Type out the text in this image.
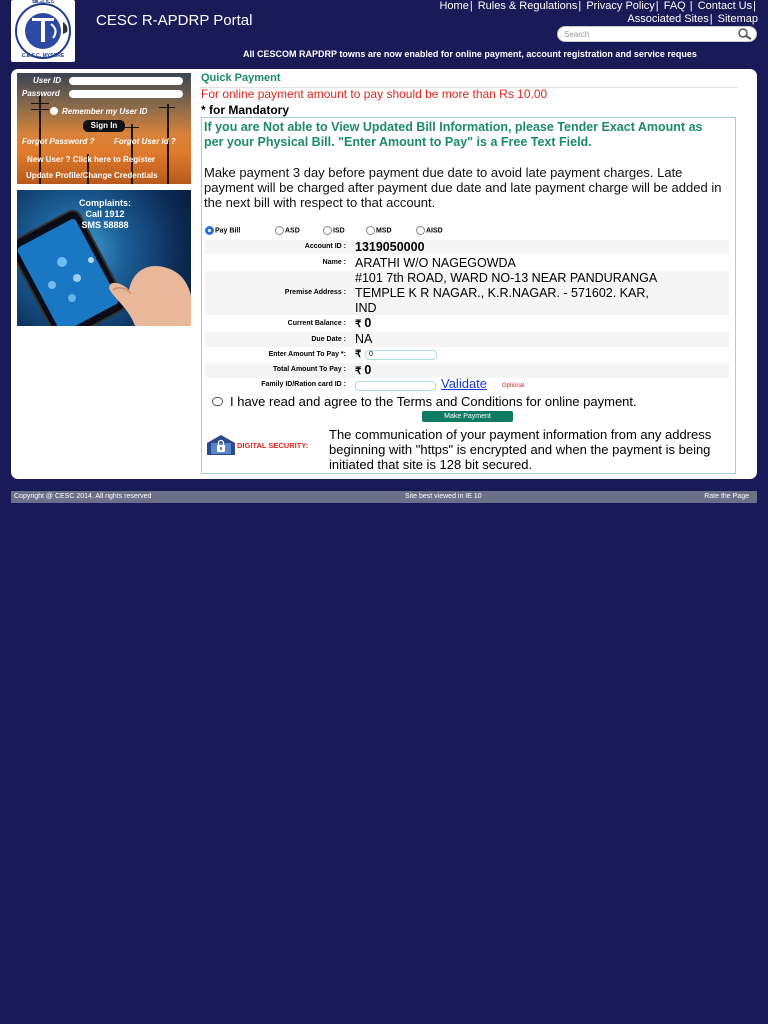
ಚಾ.ವಿ.ಸ.ನಿ
C.E.S.C. MYSORE
CESC R-APDRP Portal
Home| Rules & Regulations| Privacy Policy| FAQ | Contact Us|
Associated Sites| Sitemap
Search
All CESCOM RAPDRP towns are now enabled for online payment, account registration and service reques
User ID
Password
Remember my User ID
Sign In
Forgot Password ? Forgot User Id ?
New User ? Click here to Register
Update Profile/Change Credentials
Complaints:
Call 1912
SMS 58888
Quick Payment
For online payment amount to pay should be more than Rs 10.00
* for Mandatory
If you are Not able to View Updated Bill Information, please Tender Exact Amount as per your Physical Bill. "Enter Amount to Pay" is a Free Text Field.
Make payment 3 day before payment due date to avoid late payment charges. Late payment will be charged after payment due date and late payment charge will be added in the next bill with respect to that account.
Pay Bill	ASD	ISD	MSD	AISD
Account ID : 1319050000
Name : ARATHI W/O NAGEGOWDA
Premise Address :
#101 7th ROAD, WARD NO-13 NEAR PANDURANGA
TEMPLE K R NAGAR., K.R.NAGAR. - 571602. KAR,
IND
Current Balance : ₹ 0
Due Date : NA
Enter Amount To Pay *: ₹
0
Total Amount To Pay : ₹ 0
Family ID/Ration card ID :	Validate Optional
I have read and agree to the Terms and Conditions for online payment.
Make Payment
DIGITAL SECURITY:
The communication of your payment information from any address beginning with "https" is encrypted and when the payment is being initiated that site is 128 bit secured.
Copyright @ CESC 2014. All rights reserved	Site best viewed in IE 10	Rate the Page
